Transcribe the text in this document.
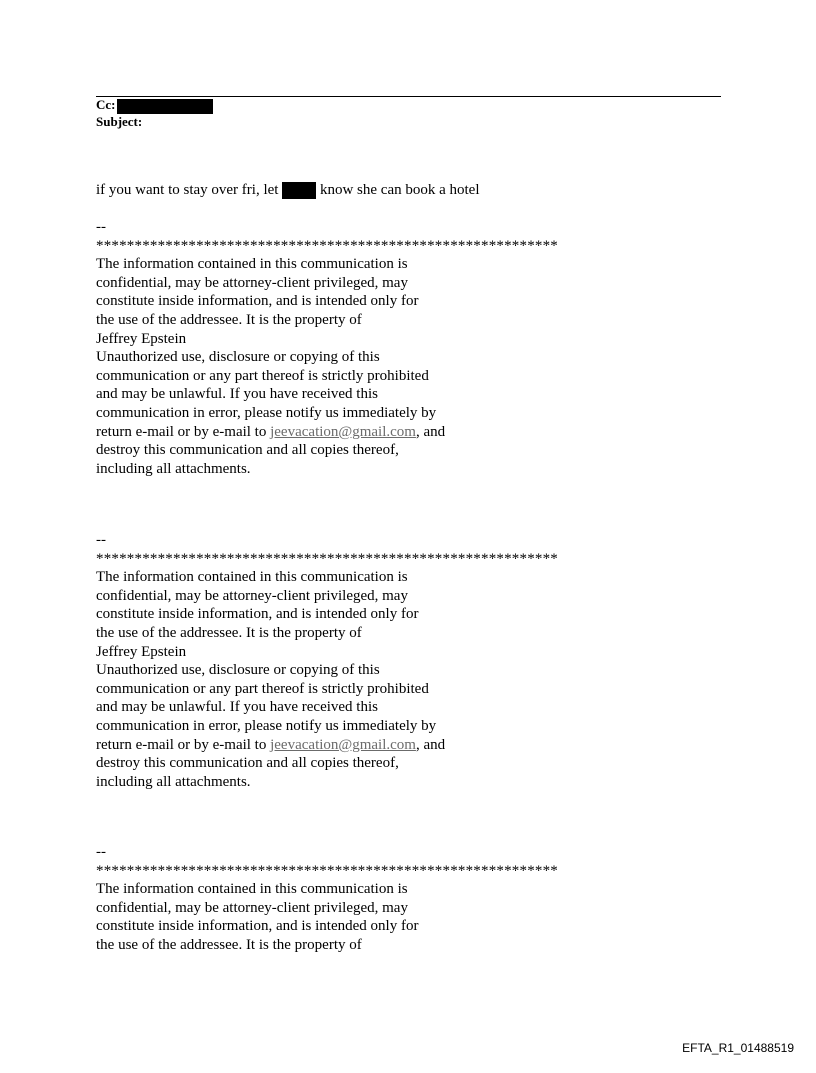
Cc:
Subject:
if you want to stay over fri, let	know she can book a hotel
--
************************************************************
The information contained in this communication is
confidential, may be attorney-client privileged, may
constitute inside information, and is intended only for
the use of the addressee. It is the property of
Jeffrey Epstein
Unauthorized use, disclosure or copying of this
communication or any part thereof is strictly prohibited
and may be unlawful. If you have received this
communication in error, please notify us immediately by
return e-mail or by e-mail to jeevacation@gmail.com, and
destroy this communication and all copies thereof,
including all attachments.
--
************************************************************
The information contained in this communication is
confidential, may be attorney-client privileged, may
constitute inside information, and is intended only for
the use of the addressee. It is the property of
Jeffrey Epstein
Unauthorized use, disclosure or copying of this
communication or any part thereof is strictly prohibited
and may be unlawful. If you have received this
communication in error, please notify us immediately by
return e-mail or by e-mail to jeevacation@gmail.com, and
destroy this communication and all copies thereof,
including all attachments.
--
************************************************************
The information contained in this communication is
confidential, may be attorney-client privileged, may
constitute inside information, and is intended only for
the use of the addressee. It is the property of
EFTA_R1_01488519
